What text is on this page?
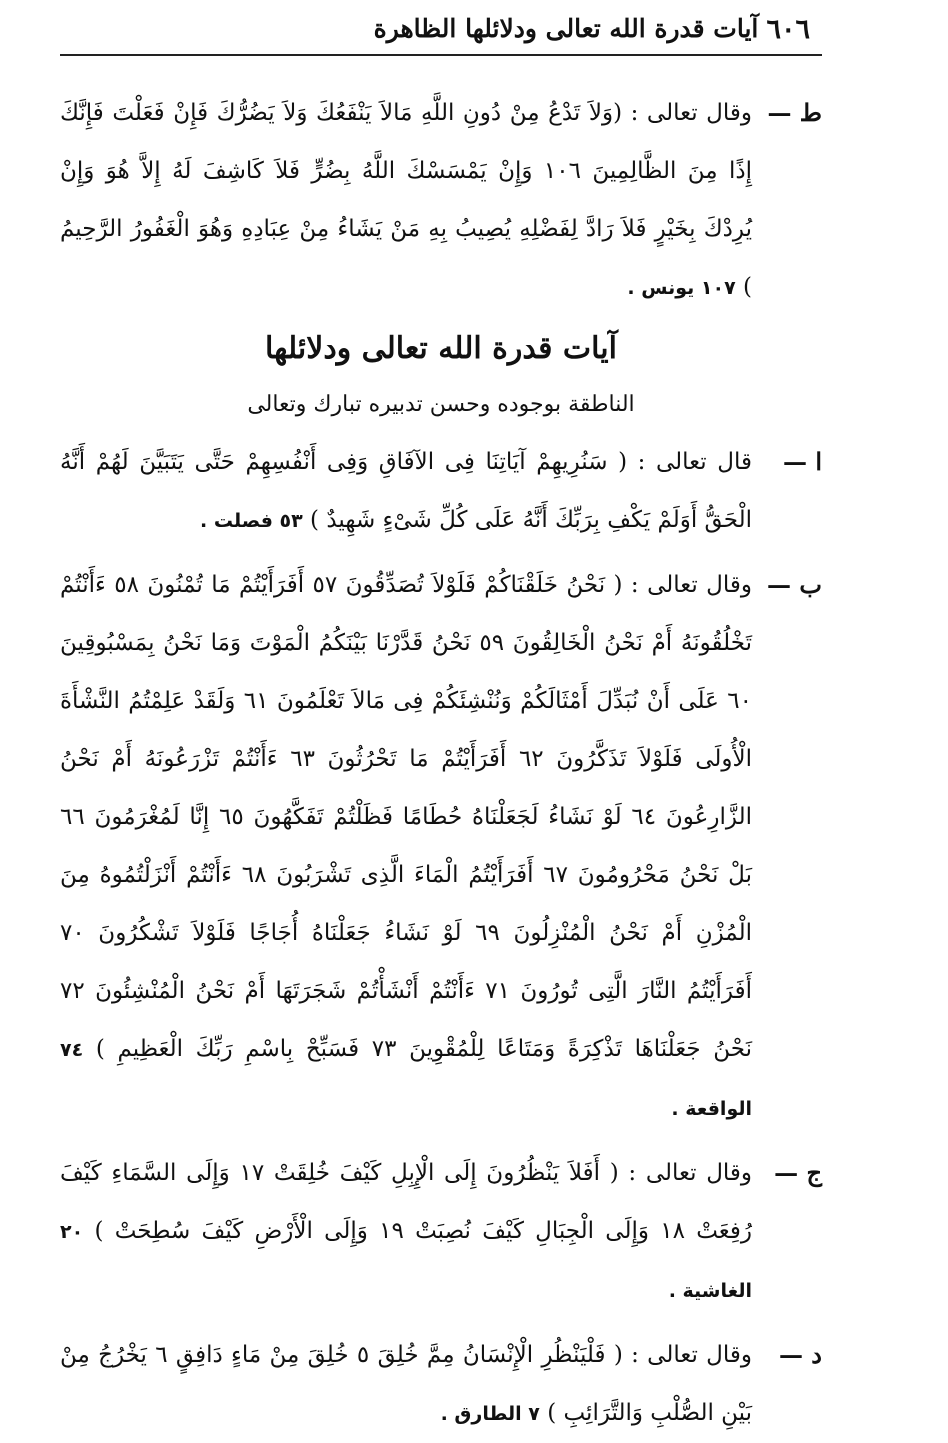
٦٠٦
آيات قدرة الله تعالى ودلائلها الظاهرة
ط —
وقال تعالى : (وَلاَ تَدْعُ مِنْ دُونِ اللَّهِ مَالاَ يَنْفَعُكَ وَلاَ يَضُرُّكَ فَإِنْ فَعَلْتَ فَإِنَّكَ إِذًا مِنَ الظَّالِمِينَ ١٠٦ وَإِنْ يَمْسَسْكَ اللَّهُ بِضُرٍّ فَلاَ كَاشِفَ لَهُ إِلاَّ هُوَ وَإِنْ يُرِدْكَ بِخَيْرٍ فَلاَ رَادَّ لِفَضْلِهِ يُصِيبُ بِهِ مَنْ يَشَاءُ مِنْ عِبَادِهِ وَهُوَ الْغَفُورُ الرَّحِيمُ ) ١٠٧ يونس .
آيات قدرة الله تعالى ودلائلها
الناطقة بوجوده وحسن تدبيره تبارك وتعالى
ا —
قال تعالى : ( سَنُرِيهِمْ آيَاتِنَا فِى الآفَاقِ وَفِى أَنْفُسِهِمْ حَتَّى يَتَبَيَّنَ لَهُمْ أَنَّهُ الْحَقُّ أَوَلَمْ يَكْفِ بِرَبِّكَ أَنَّهُ عَلَى كُلِّ شَىْءٍ شَهِيدٌ ) ٥٣ فصلت .
ب —
وقال تعالى : ( نَحْنُ خَلَقْنَاكُمْ فَلَوْلاَ تُصَدِّقُونَ ٥٧ أَفَرَأَيْتُمْ مَا تُمْنُونَ ٥٨ ءَأَنْتُمْ تَخْلُقُونَهُ أَمْ نَحْنُ الْخَالِقُونَ ٥٩ نَحْنُ قَدَّرْنَا بَيْنَكُمُ الْمَوْتَ وَمَا نَحْنُ بِمَسْبُوقِينَ ٦٠ عَلَى أَنْ نُبَدِّلَ أَمْثَالَكُمْ وَنُنْشِئَكُمْ فِى مَالاَ تَعْلَمُونَ ٦١ وَلَقَدْ عَلِمْتُمُ النَّشْأَةَ الْأُولَى فَلَوْلاَ تَذَكَّرُونَ ٦٢ أَفَرَأَيْتُمْ مَا تَحْرُثُونَ ٦٣ ءَأَنْتُمْ تَزْرَعُونَهُ أَمْ نَحْنُ الزَّارِعُونَ ٦٤ لَوْ نَشَاءُ لَجَعَلْنَاهُ حُطَامًا فَظَلْتُمْ تَفَكَّهُونَ ٦٥ إِنَّا لَمُغْرَمُونَ ٦٦ بَلْ نَحْنُ مَحْرُومُونَ ٦٧ أَفَرَأَيْتُمُ الْمَاءَ الَّذِى تَشْرَبُونَ ٦٨ ءَأَنْتُمْ أَنْزَلْتُمُوهُ مِنَ الْمُزْنِ أَمْ نَحْنُ الْمُنْزِلُونَ ٦٩ لَوْ نَشَاءُ جَعَلْنَاهُ أُجَاجًا فَلَوْلاَ تَشْكُرُونَ ٧٠ أَفَرَأَيْتُمُ النَّارَ الَّتِى تُورُونَ ٧١ ءَأَنْتُمْ أَنْشَأْتُمْ شَجَرَتَهَا أَمْ نَحْنُ الْمُنْشِئُونَ ٧٢ نَحْنُ جَعَلْنَاهَا تَذْكِرَةً وَمَتَاعًا لِلْمُقْوِينَ ٧٣ فَسَبِّحْ بِاسْمِ رَبِّكَ الْعَظِيمِ ) ٧٤ الواقعة .
ج —
وقال تعالى : ( أَفَلاَ يَنْظُرُونَ إِلَى الْإِبِلِ كَيْفَ خُلِقَتْ ١٧ وَإِلَى السَّمَاءِ كَيْفَ رُفِعَتْ ١٨ وَإِلَى الْجِبَالِ كَيْفَ نُصِبَتْ ١٩ وَإِلَى الْأَرْضِ كَيْفَ سُطِحَتْ ) ٢٠ الغاشية .
د —
وقال تعالى : ( فَلْيَنْظُرِ الْإِنْسَانُ مِمَّ خُلِقَ ٥ خُلِقَ مِنْ مَاءٍ دَافِقٍ ٦ يَخْرُجُ مِنْ بَيْنِ الصُّلْبِ وَالتَّرَائِبِ ) ٧ الطارق .
